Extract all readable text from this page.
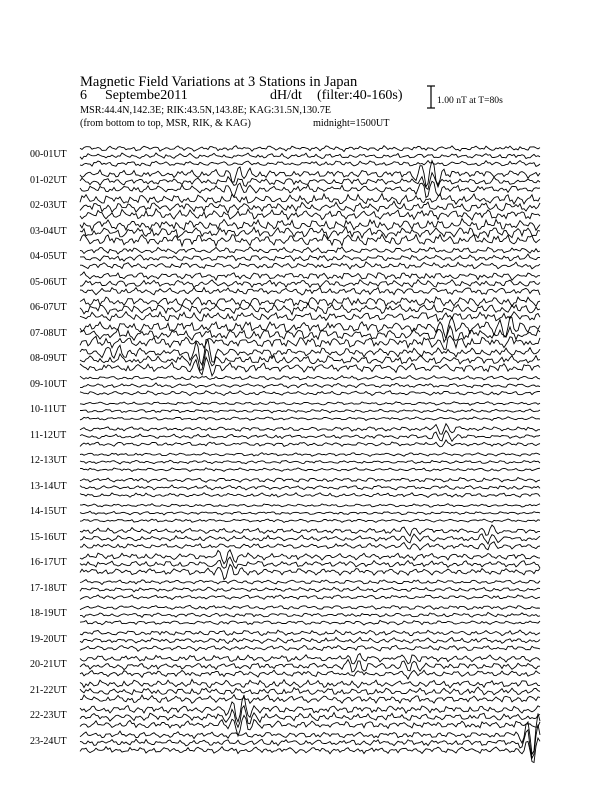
Magnetic Field Variations at 3 Stations in Japan
6 Septembe2011	dH/dt (filter:40-160s)
MSR:44.4N,142.3E; RIK:43.5N,143.8E; KAG:31.5N,130.7E
(from bottom to top, MSR, RIK, & KAG)	midnight=1500UT
1.00 nT at T=80s
00-01UT
01-02UT
02-03UT
03-04UT
04-05UT
05-06UT
06-07UT
07-08UT
08-09UT
09-10UT
10-11UT
11-12UT
12-13UT
13-14UT
14-15UT
15-16UT
16-17UT
17-18UT
18-19UT
19-20UT
20-21UT
21-22UT
22-23UT
23-24UT
